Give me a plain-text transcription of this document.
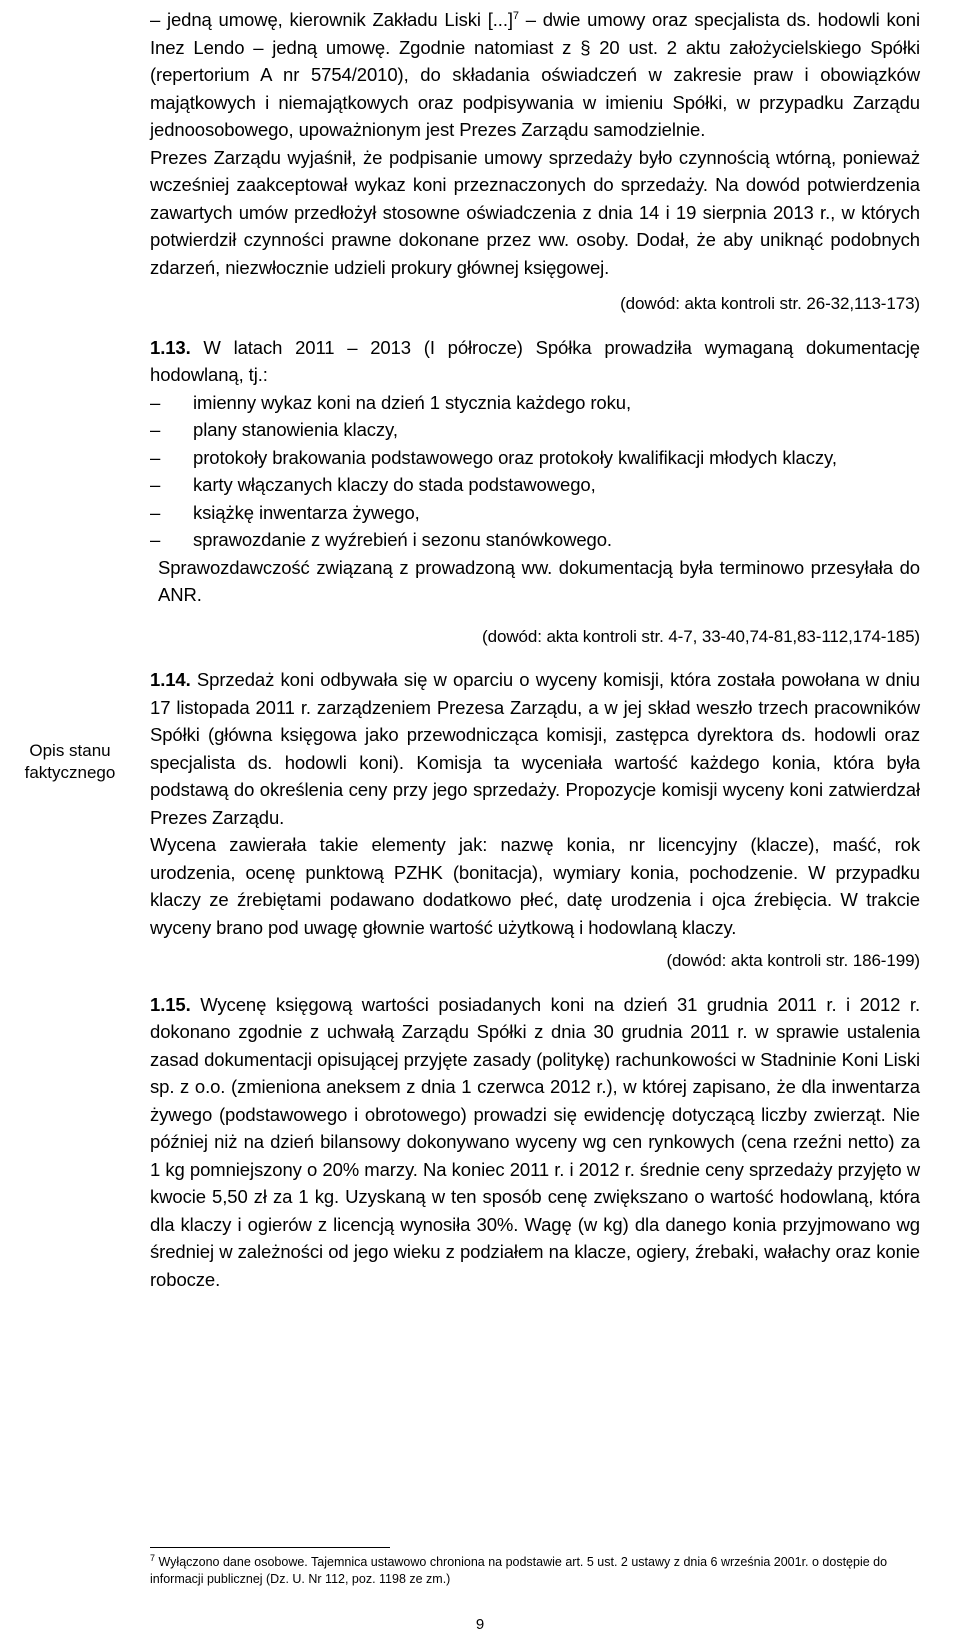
Opis stanu
faktycznego

– jedną umowę, kierownik Zakładu Liski [...]$^7$ – dwie umowy oraz specjalista ds. hodowli koni Inez Lendo – jedną umowę. Zgodnie natomiast z § 20 ust. 2 aktu założycielskiego Spółki (repertorium A nr 5754/2010), do składania oświadczeń w zakresie praw i obowiązków majątkowych i niemajątkowych oraz podpisywania w imieniu Spółki, w przypadku Zarządu jednoosobowego, upoważnionym jest Prezes Zarządu samodzielnie.

Prezes Zarządu wyjaśnił, że podpisanie umowy sprzedaży było czynnością wtórną, ponieważ wcześniej zaakceptował wykaz koni przeznaczonych do sprzedaży. Na dowód potwierdzenia zawartych umów przedłożył stosowne oświadczenia z dnia 14 i 19 sierpnia 2013 r., w których potwierdził czynności prawne dokonane przez ww. osoby. Dodał, że aby uniknąć podobnych zdarzeń, niezwłocznie udzieli prokury głównej księgowej.

(dowód: akta kontroli str. 26-32,113-173)

1.13. W latach 2011 – 2013 (I półrocze) Spółka prowadziła wymaganą dokumentację hodowlaną, tj.:

– imienny wykaz koni na dzień 1 stycznia każdego roku,
– plany stanowienia klaczy,
– protokoły brakowania podstawowego oraz protokoły kwalifikacji młodych klaczy,
– karty włączanych klaczy do stada podstawowego,
– książkę inwentarza żywego,
– sprawozdanie z wyźrebień i sezonu stanówkowego.

Sprawozdawczość związaną z prowadzoną ww. dokumentacją była terminowo przesyłała do ANR.

(dowód: akta kontroli str. 4-7, 33-40,74-81,83-112,174-185)

1.14. Sprzedaż koni odbywała się w oparciu o wyceny komisji, która została powołana w dniu 17 listopada 2011 r. zarządzeniem Prezesa Zarządu, a w jej skład weszło trzech pracowników Spółki (główna księgowa jako przewodnicząca komisji, zastępca dyrektora ds. hodowli oraz specjalista ds. hodowli koni). Komisja ta wyceniała wartość każdego konia, która była podstawą do określenia ceny przy jego sprzedaży. Propozycje komisji wyceny koni zatwierdzał Prezes Zarządu.

Wycena zawierała takie elementy jak: nazwę konia, nr licencyjny (klacze), maść, rok urodzenia, ocenę punktową PZHK (bonitacja), wymiary konia, pochodzenie. W przypadku klaczy ze źrebiętami podawano dodatkowo płeć, datę urodzenia i ojca źrebięcia. W trakcie wyceny brano pod uwagę głownie wartość użytkową i hodowlaną klaczy.

(dowód: akta kontroli str. 186-199)

1.15. Wycenę księgową wartości posiadanych koni na dzień 31 grudnia 2011 r. i 2012 r. dokonano zgodnie z uchwałą Zarządu Spółki z dnia 30 grudnia 2011 r. w sprawie ustalenia zasad dokumentacji opisującej przyjęte zasady (politykę) rachunkowości w Stadninie Koni Liski sp. z o.o. (zmieniona aneksem z dnia 1 czerwca 2012 r.), w której zapisano, że dla inwentarza żywego (podstawowego i obrotowego) prowadzi się ewidencję dotyczącą liczby zwierząt. Nie później niż na dzień bilansowy dokonywano wyceny wg cen rynkowych (cena rzeźni netto) za 1 kg pomniejszony o 20% marzy. Na koniec 2011 r. i 2012 r. średnie ceny sprzedaży przyjęto w kwocie 5,50 zł za 1 kg. Uzyskaną w ten sposób cenę zwiększano o wartość hodowlaną, która dla klaczy i ogierów z licencją wynosiła 30%. Wagę (w kg) dla danego konia przyjmowano wg średniej w zależności od jego wieku z podziałem na klacze, ogiery, źrebaki, wałachy oraz konie robocze.

$^7$ Wyłączono dane osobowe. Tajemnica ustawowo chroniona na podstawie art. 5 ust. 2 ustawy z dnia 6 września 2001r. o dostępie do informacji publicznej (Dz. U. Nr 112, poz. 1198 ze zm.)
9
